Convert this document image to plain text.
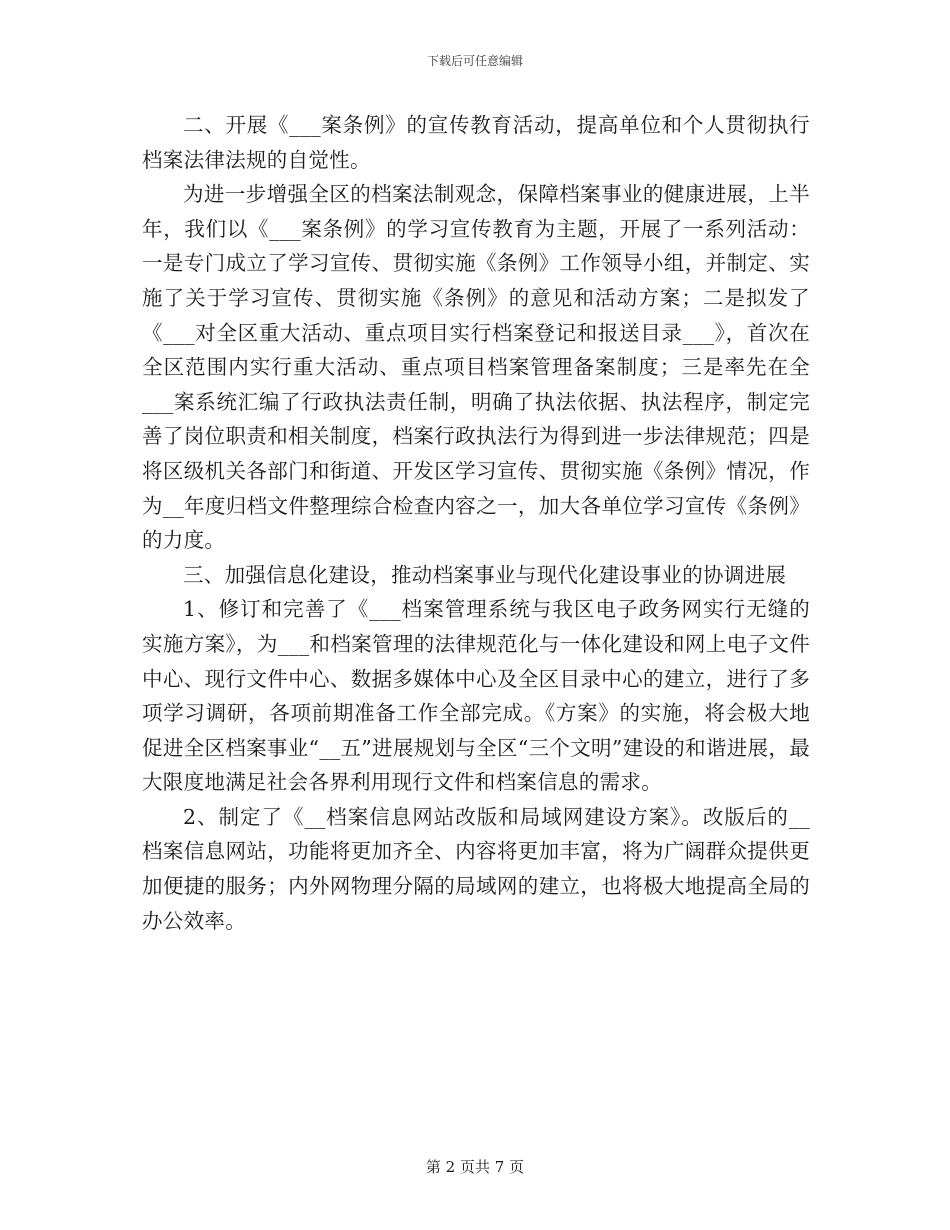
下载后可任意编辑

二、开展《___案条例》的宣传教育活动，提高单位和个人贯彻执行档案法律法规的自觉性。

为进一步增强全区的档案法制观念，保障档案事业的健康进展，上半年，我们以《___案条例》的学习宣传教育为主题，开展了一系列活动：一是专门成立了学习宣传、贯彻实施《条例》工作领导小组，并制定、实施了关于学习宣传、贯彻实施《条例》的意见和活动方案；二是拟发了《___对全区重大活动、重点项目实行档案登记和报送目录___》，首次在全区范围内实行重大活动、重点项目档案管理备案制度；三是率先在全___案系统汇编了行政执法责任制，明确了执法依据、执法程序，制定完善了岗位职责和相关制度，档案行政执法行为得到进一步法律规范；四是将区级机关各部门和街道、开发区学习宣传、贯彻实施《条例》情况，作为__年度归档文件整理综合检查内容之一，加大各单位学习宣传《条例》的力度。

三、加强信息化建设，推动档案事业与现代化建设事业的协调进展

1、修订和完善了《___档案管理系统与我区电子政务网实行无缝的实施方案》，为___和档案管理的法律规范化与一体化建设和网上电子文件中心、现行文件中心、数据多媒体中心及全区目录中心的建立，进行了多项学习调研，各项前期准备工作全部完成。《方案》的实施，将会极大地促进全区档案事业“__五”进展规划与全区“三个文明”建设的和谐进展，最大限度地满足社会各界利用现行文件和档案信息的需求。

2、制定了《__档案信息网站改版和局域网建设方案》。改版后的__档案信息网站，功能将更加齐全、内容将更加丰富，将为广阔群众提供更加便捷的服务；内外网物理分隔的局域网的建立，也将极大地提高全局的办公效率。

第 2 页共 7 页
